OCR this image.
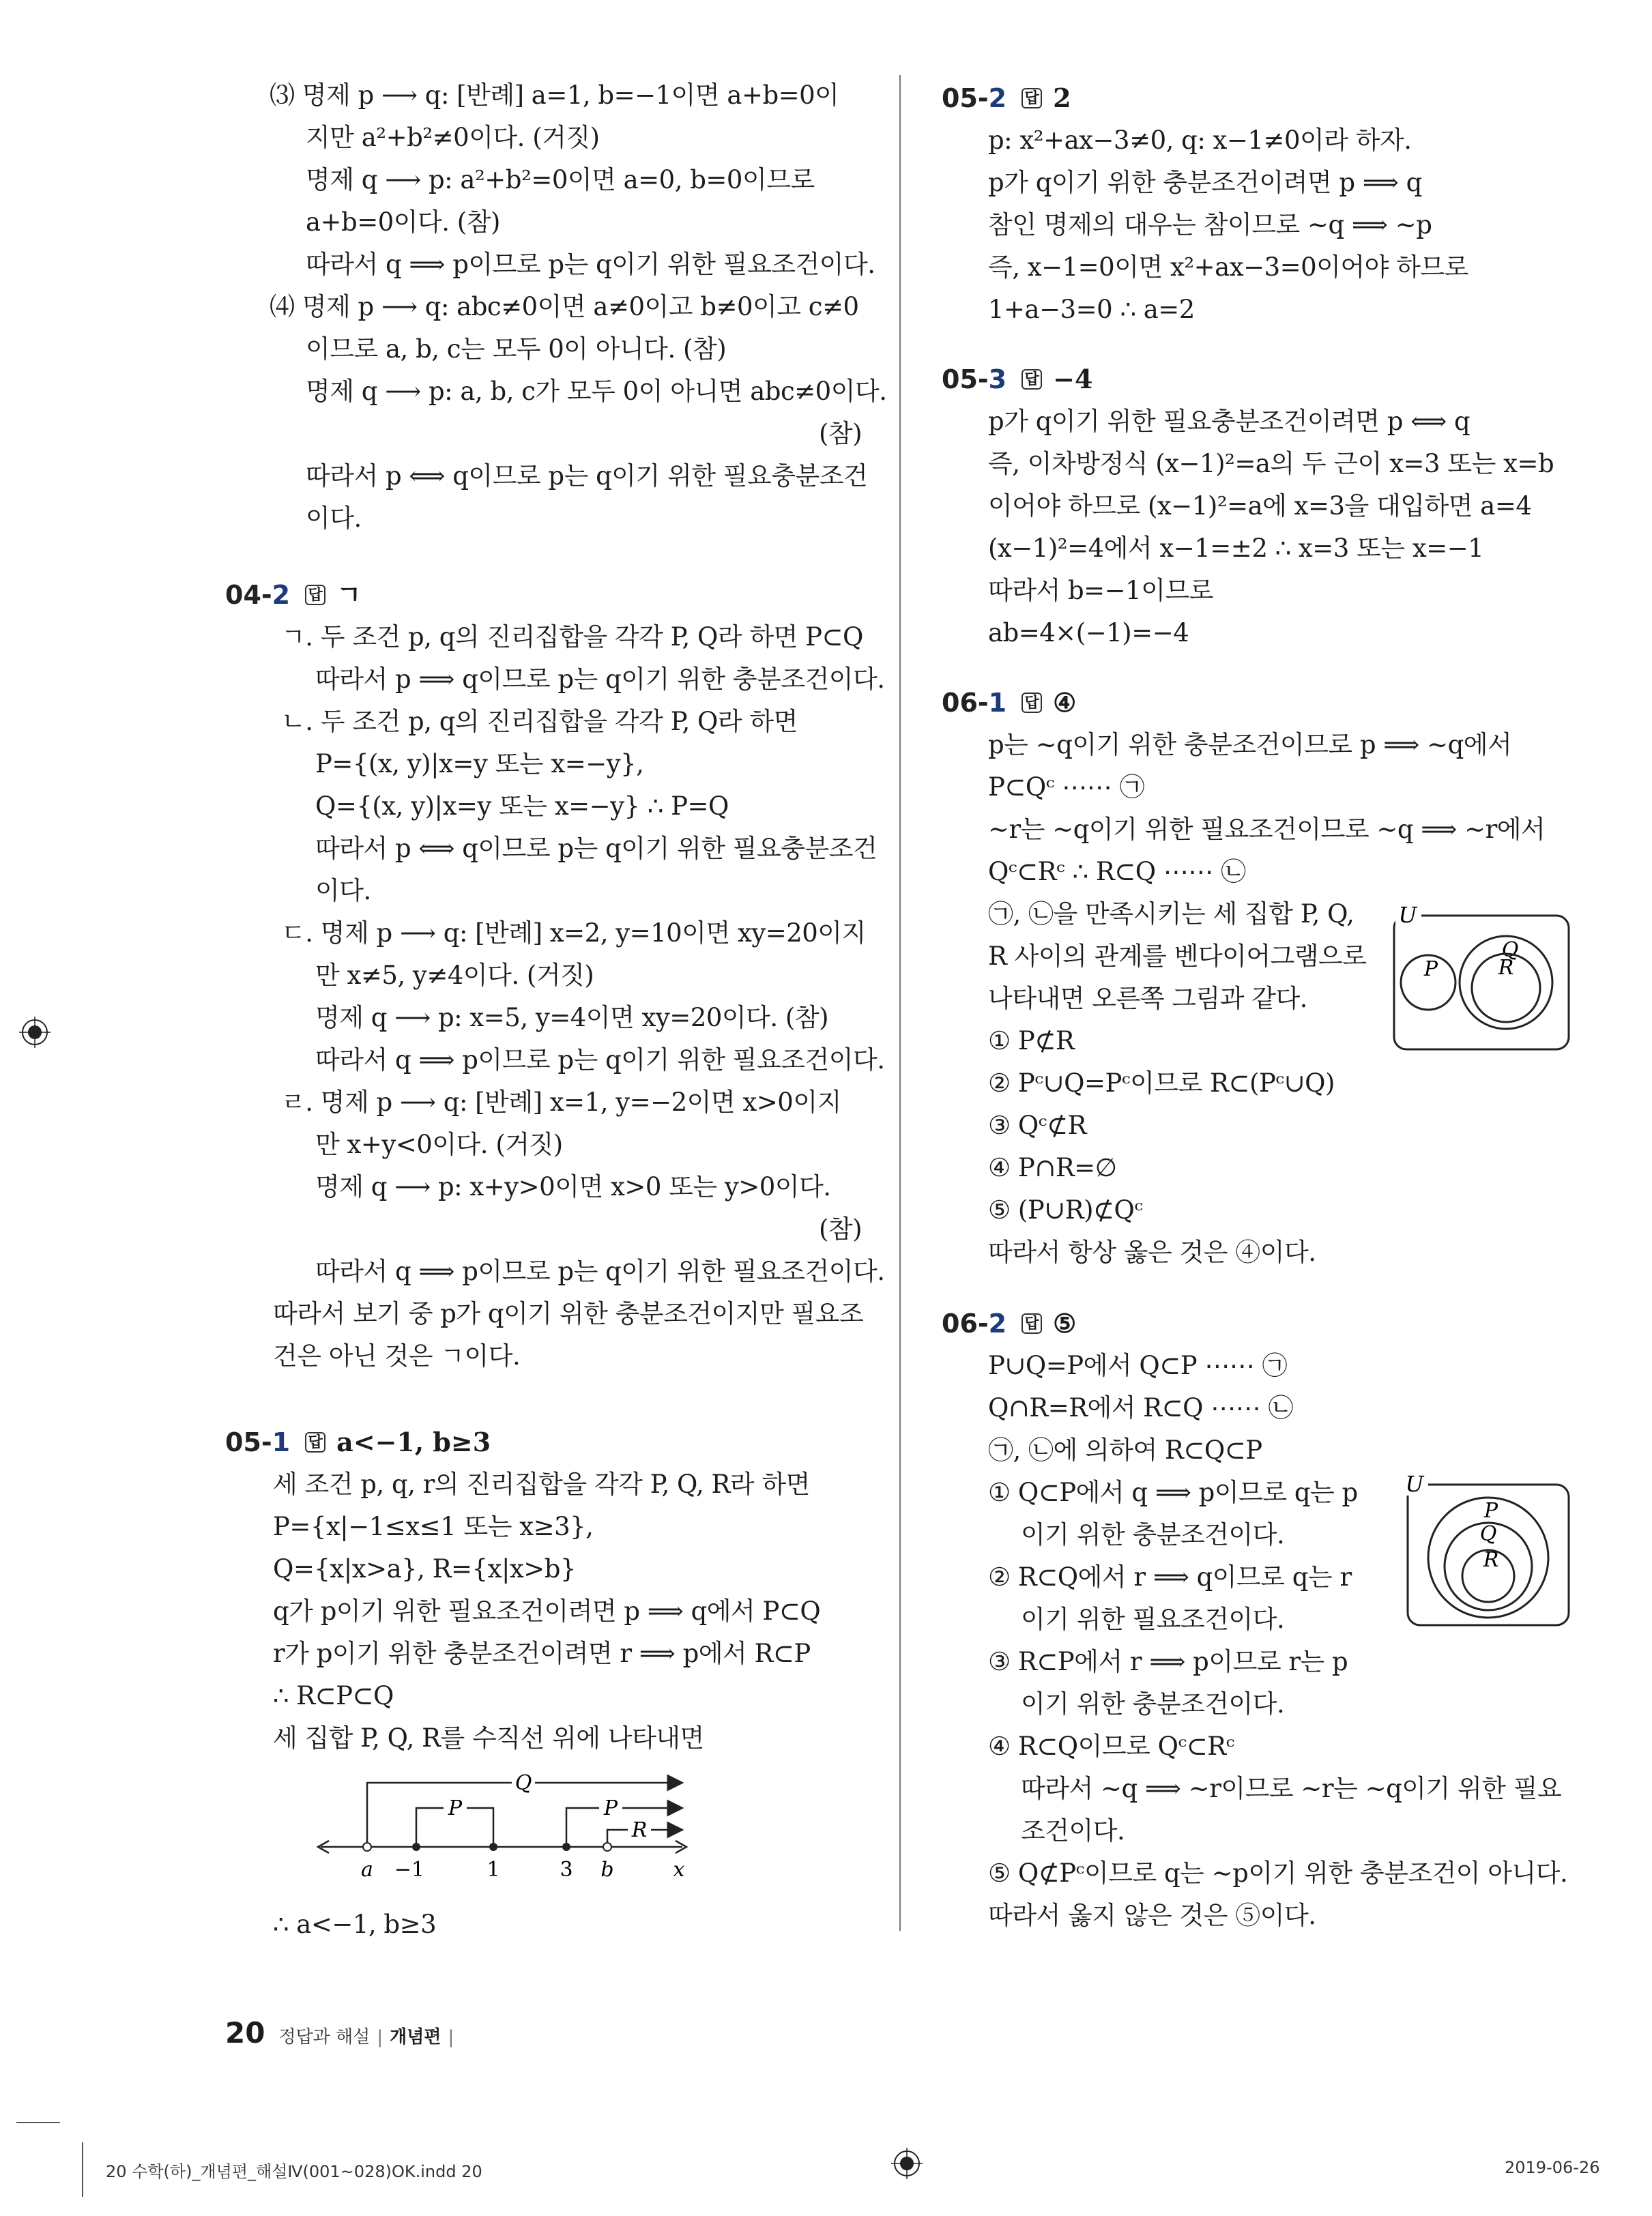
⑶ 명제 p ⟶ q: [반례] a=1, b=−1이면 a+b=0이
지만 a²+b²≠0이다. (거짓)
명제 q ⟶ p: a²+b²=0이면 a=0, b=0이므로
a+b=0이다. (참)
따라서 q ⟹ p이므로 p는 q이기 위한 필요조건이다.
⑷ 명제 p ⟶ q: abc≠0이면 a≠0이고 b≠0이고 c≠0
이므로 a, b, c는 모두 0이 아니다. (참)
명제 q ⟶ p: a, b, c가 모두 0이 아니면 abc≠0이다.
(참)
따라서 p ⟺ q이므로 p는 q이기 위한 필요충분조건
이다.
04-2 답 ㄱ
ㄱ. 두 조건 p, q의 진리집합을 각각 P, Q라 하면 P⊂Q
따라서 p ⟹ q이므로 p는 q이기 위한 충분조건이다.
ㄴ. 두 조건 p, q의 진리집합을 각각 P, Q라 하면
P={(x, y)|x=y 또는 x=−y},
Q={(x, y)|x=y 또는 x=−y} ∴ P=Q
따라서 p ⟺ q이므로 p는 q이기 위한 필요충분조건
이다.
ㄷ. 명제 p ⟶ q: [반례] x=2, y=10이면 xy=20이지
만 x≠5, y≠4이다. (거짓)
명제 q ⟶ p: x=5, y=4이면 xy=20이다. (참)
따라서 q ⟹ p이므로 p는 q이기 위한 필요조건이다.
ㄹ. 명제 p ⟶ q: [반례] x=1, y=−2이면 x>0이지
만 x+y<0이다. (거짓)
명제 q ⟶ p: x+y>0이면 x>0 또는 y>0이다.
(참)
따라서 q ⟹ p이므로 p는 q이기 위한 필요조건이다.
따라서 보기 중 p가 q이기 위한 충분조건이지만 필요조
건은 아닌 것은 ㄱ이다.
05-1 답 a<−1, b≥3
세 조건 p, q, r의 진리집합을 각각 P, Q, R라 하면
P={x|−1≤x≤1 또는 x≥3},
Q={x|x>a}, R={x|x>b}
q가 p이기 위한 필요조건이려면 p ⟹ q에서 P⊂Q
r가 p이기 위한 충분조건이려면 r ⟹ p에서 R⊂P
∴ R⊂P⊂Q
세 집합 P, Q, R를 수직선 위에 나타내면
Q
P	P
R
a −1	1	3 b	x
∴ a<−1, b≥3
05-2 답 2
p: x²+ax−3≠0, q: x−1≠0이라 하자.
p가 q이기 위한 충분조건이려면 p ⟹ q
참인 명제의 대우는 참이므로 ~q ⟹ ~p
즉, x−1=0이면 x²+ax−3=0이어야 하므로
1+a−3=0 ∴ a=2
05-3 답 −4
p가 q이기 위한 필요충분조건이려면 p ⟺ q
즉, 이차방정식 (x−1)²=a의 두 근이 x=3 또는 x=b
이어야 하므로 (x−1)²=a에 x=3을 대입하면 a=4
(x−1)²=4에서 x−1=±2 ∴ x=3 또는 x=−1
따라서 b=−1이므로
ab=4×(−1)=−4
06-1 답 ④
p는 ~q이기 위한 충분조건이므로 p ⟹ ~q에서
P⊂Qᶜ ⋯⋯ ㉠
~r는 ~q이기 위한 필요조건이므로 ~q ⟹ ~r에서
Qᶜ⊂Rᶜ ∴ R⊂Q ⋯⋯ ㉡
㉠, ㉡을 만족시키는 세 집합 P, Q,
R 사이의 관계를 벤다이어그램으로
나타내면 오른쪽 그림과 같다.
① P⊄R
② Pᶜ∪Q=Pᶜ이므로 R⊂(Pᶜ∪Q)
③ Qᶜ⊄R
④ P∩R=∅
⑤ (P∪R)⊄Qᶜ
따라서 항상 옳은 것은 ④이다.
U
P
Q
R
06-2 답 ⑤
P∪Q=P에서 Q⊂P ⋯⋯ ㉠
Q∩R=R에서 R⊂Q ⋯⋯ ㉡
㉠, ㉡에 의하여 R⊂Q⊂P
① Q⊂P에서 q ⟹ p이므로 q는 p
이기 위한 충분조건이다.
② R⊂Q에서 r ⟹ q이므로 q는 r
이기 위한 필요조건이다.
③ R⊂P에서 r ⟹ p이므로 r는 p
이기 위한 충분조건이다.
④ R⊂Q이므로 Qᶜ⊂Rᶜ
따라서 ~q ⟹ ~r이므로 ~r는 ~q이기 위한 필요
조건이다.
⑤ Q⊄Pᶜ이므로 q는 ~p이기 위한 충분조건이 아니다.
따라서 옳지 않은 것은 ⑤이다.
U
P
Q
R
20 정답과 해설 | 개념편 |
20 수학(하)_개념편_해설Ⅳ(001~028)OK.indd 20	2019-06-26
